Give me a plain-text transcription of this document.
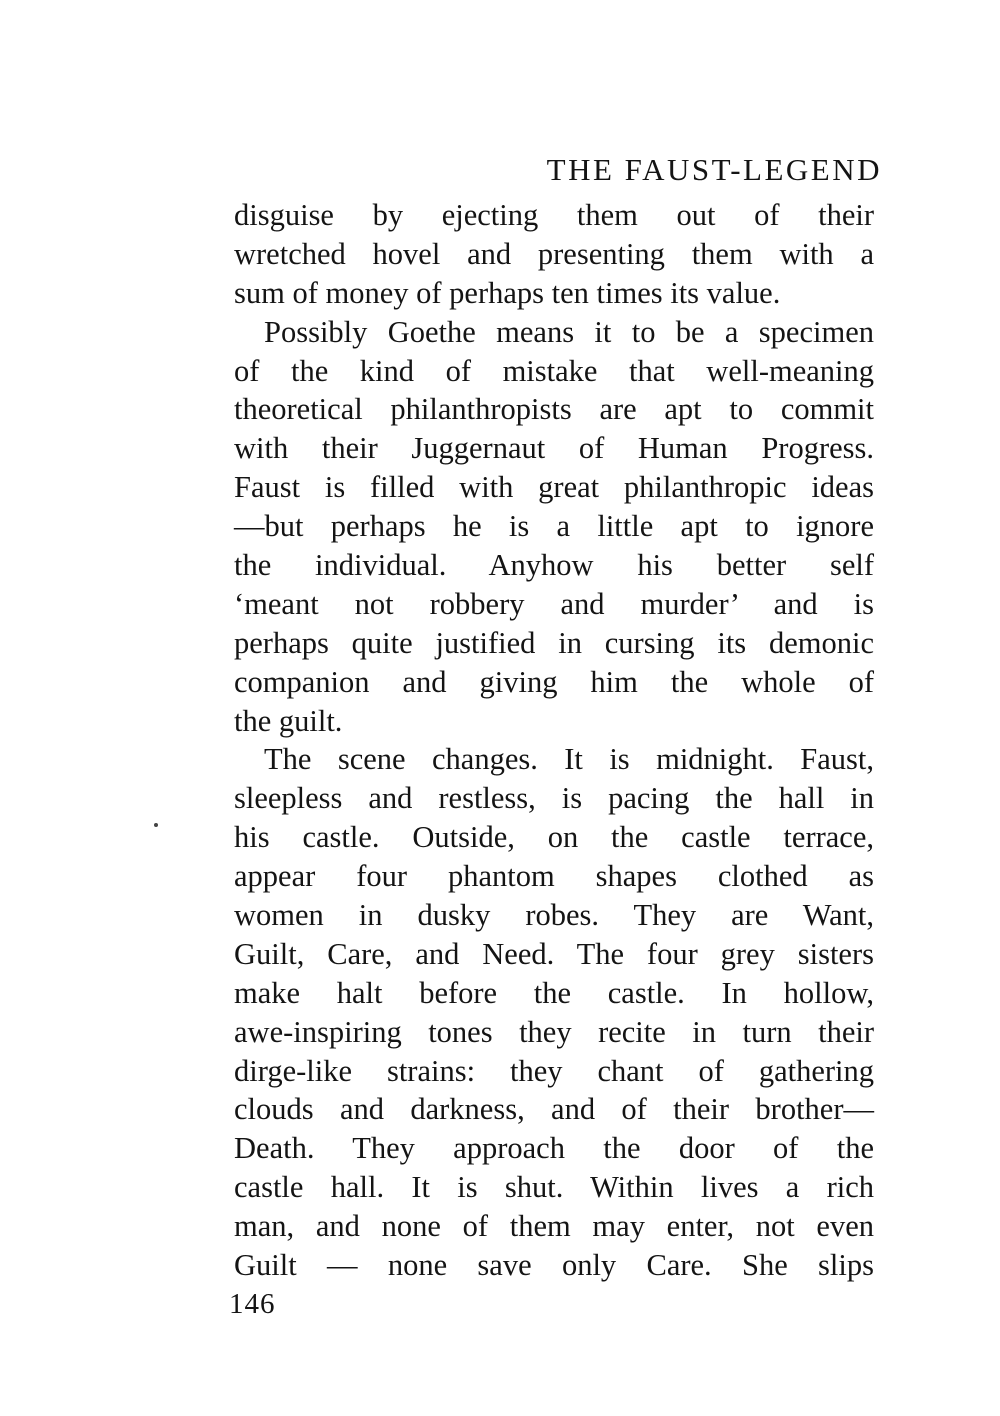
THE FAUST-LEGEND
disguise by ejecting them out of their
wretched hovel and presenting them with a
sum of money of perhaps ten times its value.
Possibly Goethe means it to be a specimen
of the kind of mistake that well-meaning
theoretical philanthropists are apt to commit
with their Juggernaut of Human Progress.
Faust is filled with great philanthropic ideas
—but perhaps he is a little apt to ignore
the individual. Anyhow his better self
‘meant not robbery and murder’ and is
perhaps quite justified in cursing its demonic
companion and giving him the whole of
the guilt.
The scene changes. It is midnight. Faust,
sleepless and restless, is pacing the hall in
his castle. Outside, on the castle terrace,
appear four phantom shapes clothed as
women in dusky robes. They are Want,
Guilt, Care, and Need. The four grey sisters
make halt before the castle. In hollow,
awe-inspiring tones they recite in turn their
dirge-like strains: they chant of gathering
clouds and darkness, and of their brother—
Death. They approach the door of the
castle hall. It is shut. Within lives a rich
man, and none of them may enter, not even
Guilt — none save only Care. She slips
146
